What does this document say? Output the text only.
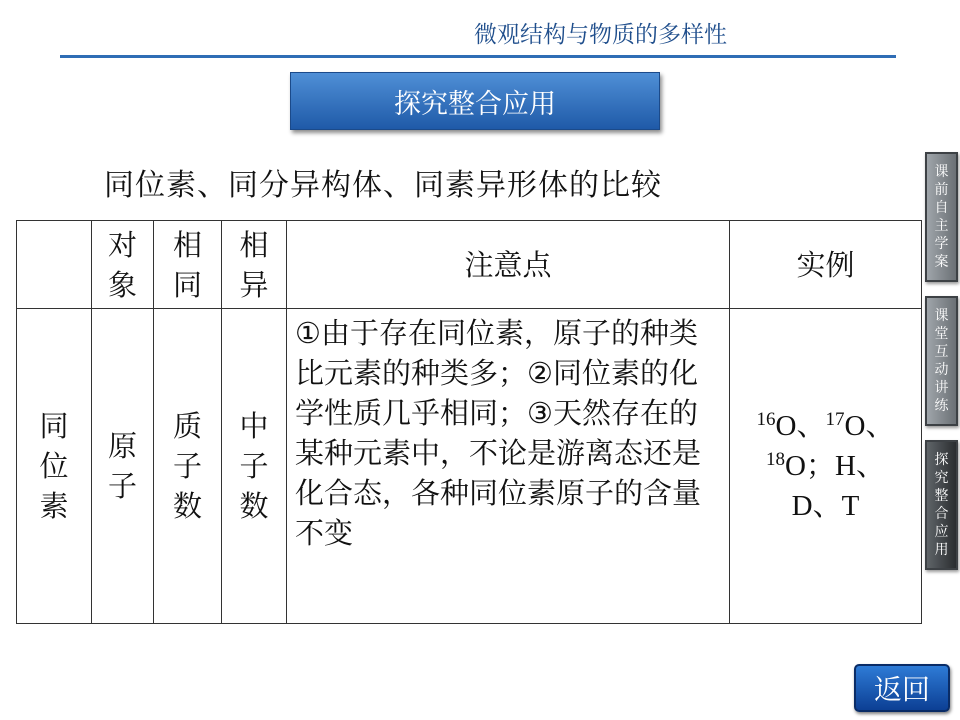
微观结构与物质的多样性
探究整合应用
同位素、同分异构体、同素异形体的比较

	对象	相同	相异	注意点	实例

同位素	原子	质子数	中子数	①由于存在同位素，原子的种类比元素的种类多；②同位素的化学性质几乎相同；③天然存在的某种元素中，不论是游离态还是化合态，各种同位素原子的含量不变	$^{16}$O、$^{17}$O、
$^{18}$O；H、
D、T
课前自主学案
课堂互动讲练
探究整合应用
返回
